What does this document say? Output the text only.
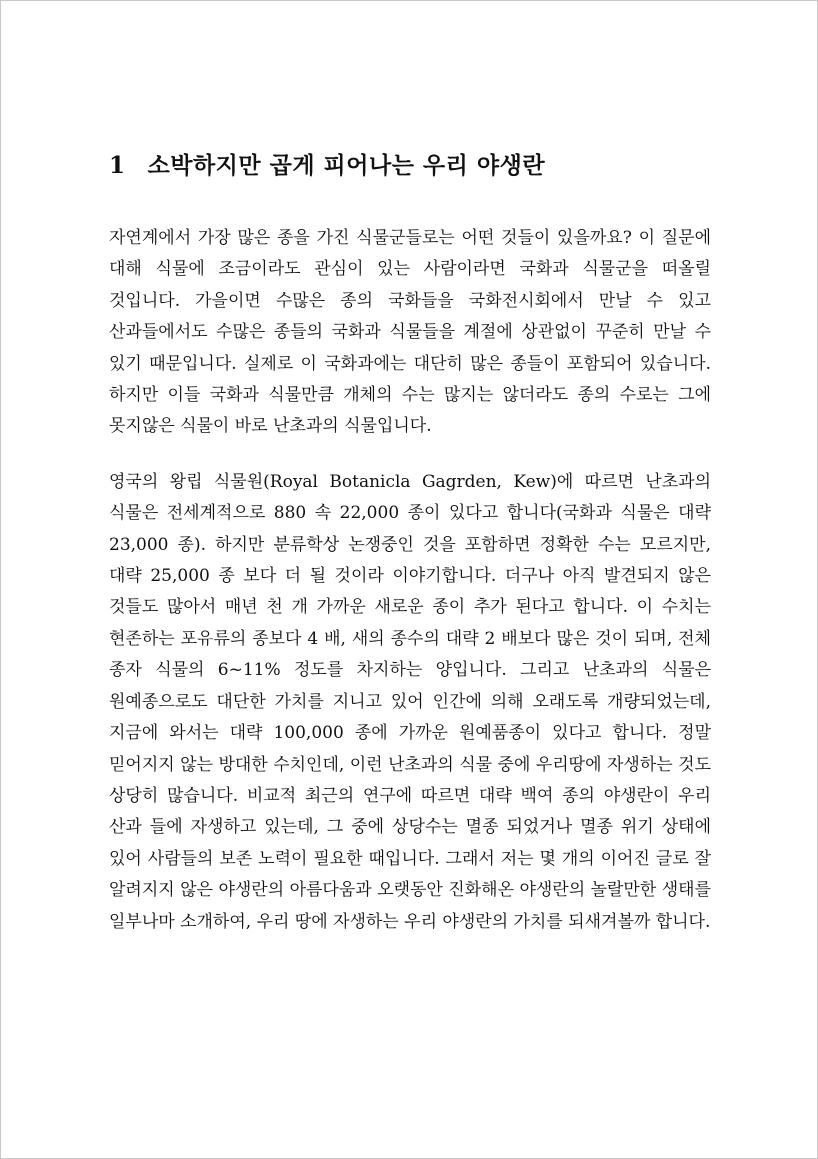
1 소박하지만 곱게 피어나는 우리 야생란

자연계에서 가장 많은 종을 가진 식물군들로는 어떤 것들이 있을까요? 이 질문에 대해 식물에 조금이라도 관심이 있는 사람이라면 국화과 식물군을 떠올릴 것입니다. 가을이면 수많은 종의 국화들을 국화전시회에서 만날 수 있고 산과들에서도 수많은 종들의 국화과 식물들을 계절에 상관없이 꾸준히 만날 수 있기 때문입니다. 실제로 이 국화과에는 대단히 많은 종들이 포함되어 있습니다. 하지만 이들 국화과 식물만큼 개체의 수는 많지는 않더라도 종의 수로는 그에 못지않은 식물이 바로 난초과의 식물입니다.

영국의 왕립 식물원(Royal Botanicla Gagrden, Kew)에 따르면 난초과의 식물은 전세계적으로 880 속 22,000 종이 있다고 합니다(국화과 식물은 대략 23,000 종). 하지만 분류학상 논쟁중인 것을 포함하면 정확한 수는 모르지만, 대략 25,000 종 보다 더 될 것이라 이야기합니다. 더구나 아직 발견되지 않은 것들도 많아서 매년 천 개 가까운 새로운 종이 추가 된다고 합니다. 이 수치는 현존하는 포유류의 종보다 4 배, 새의 종수의 대략 2 배보다 많은 것이 되며, 전체 종자 식물의 6~11% 정도를 차지하는 양입니다. 그리고 난초과의 식물은 원예종으로도 대단한 가치를 지니고 있어 인간에 의해 오래도록 개량되었는데, 지금에 와서는 대략 100,000 종에 가까운 원예품종이 있다고 합니다. 정말 믿어지지 않는 방대한 수치인데, 이런 난초과의 식물 중에 우리땅에 자생하는 것도 상당히 많습니다. 비교적 최근의 연구에 따르면 대략 백여 종의 야생란이 우리 산과 들에 자생하고 있는데, 그 중에 상당수는 멸종 되었거나 멸종 위기 상태에 있어 사람들의 보존 노력이 필요한 때입니다. 그래서 저는 몇 개의 이어진 글로 잘 알려지지 않은 야생란의 아름다움과 오랫동안 진화해온 야생란의 놀랄만한 생태를 일부나마 소개하여, 우리 땅에 자생하는 우리 야생란의 가치를 되새겨볼까 합니다.
